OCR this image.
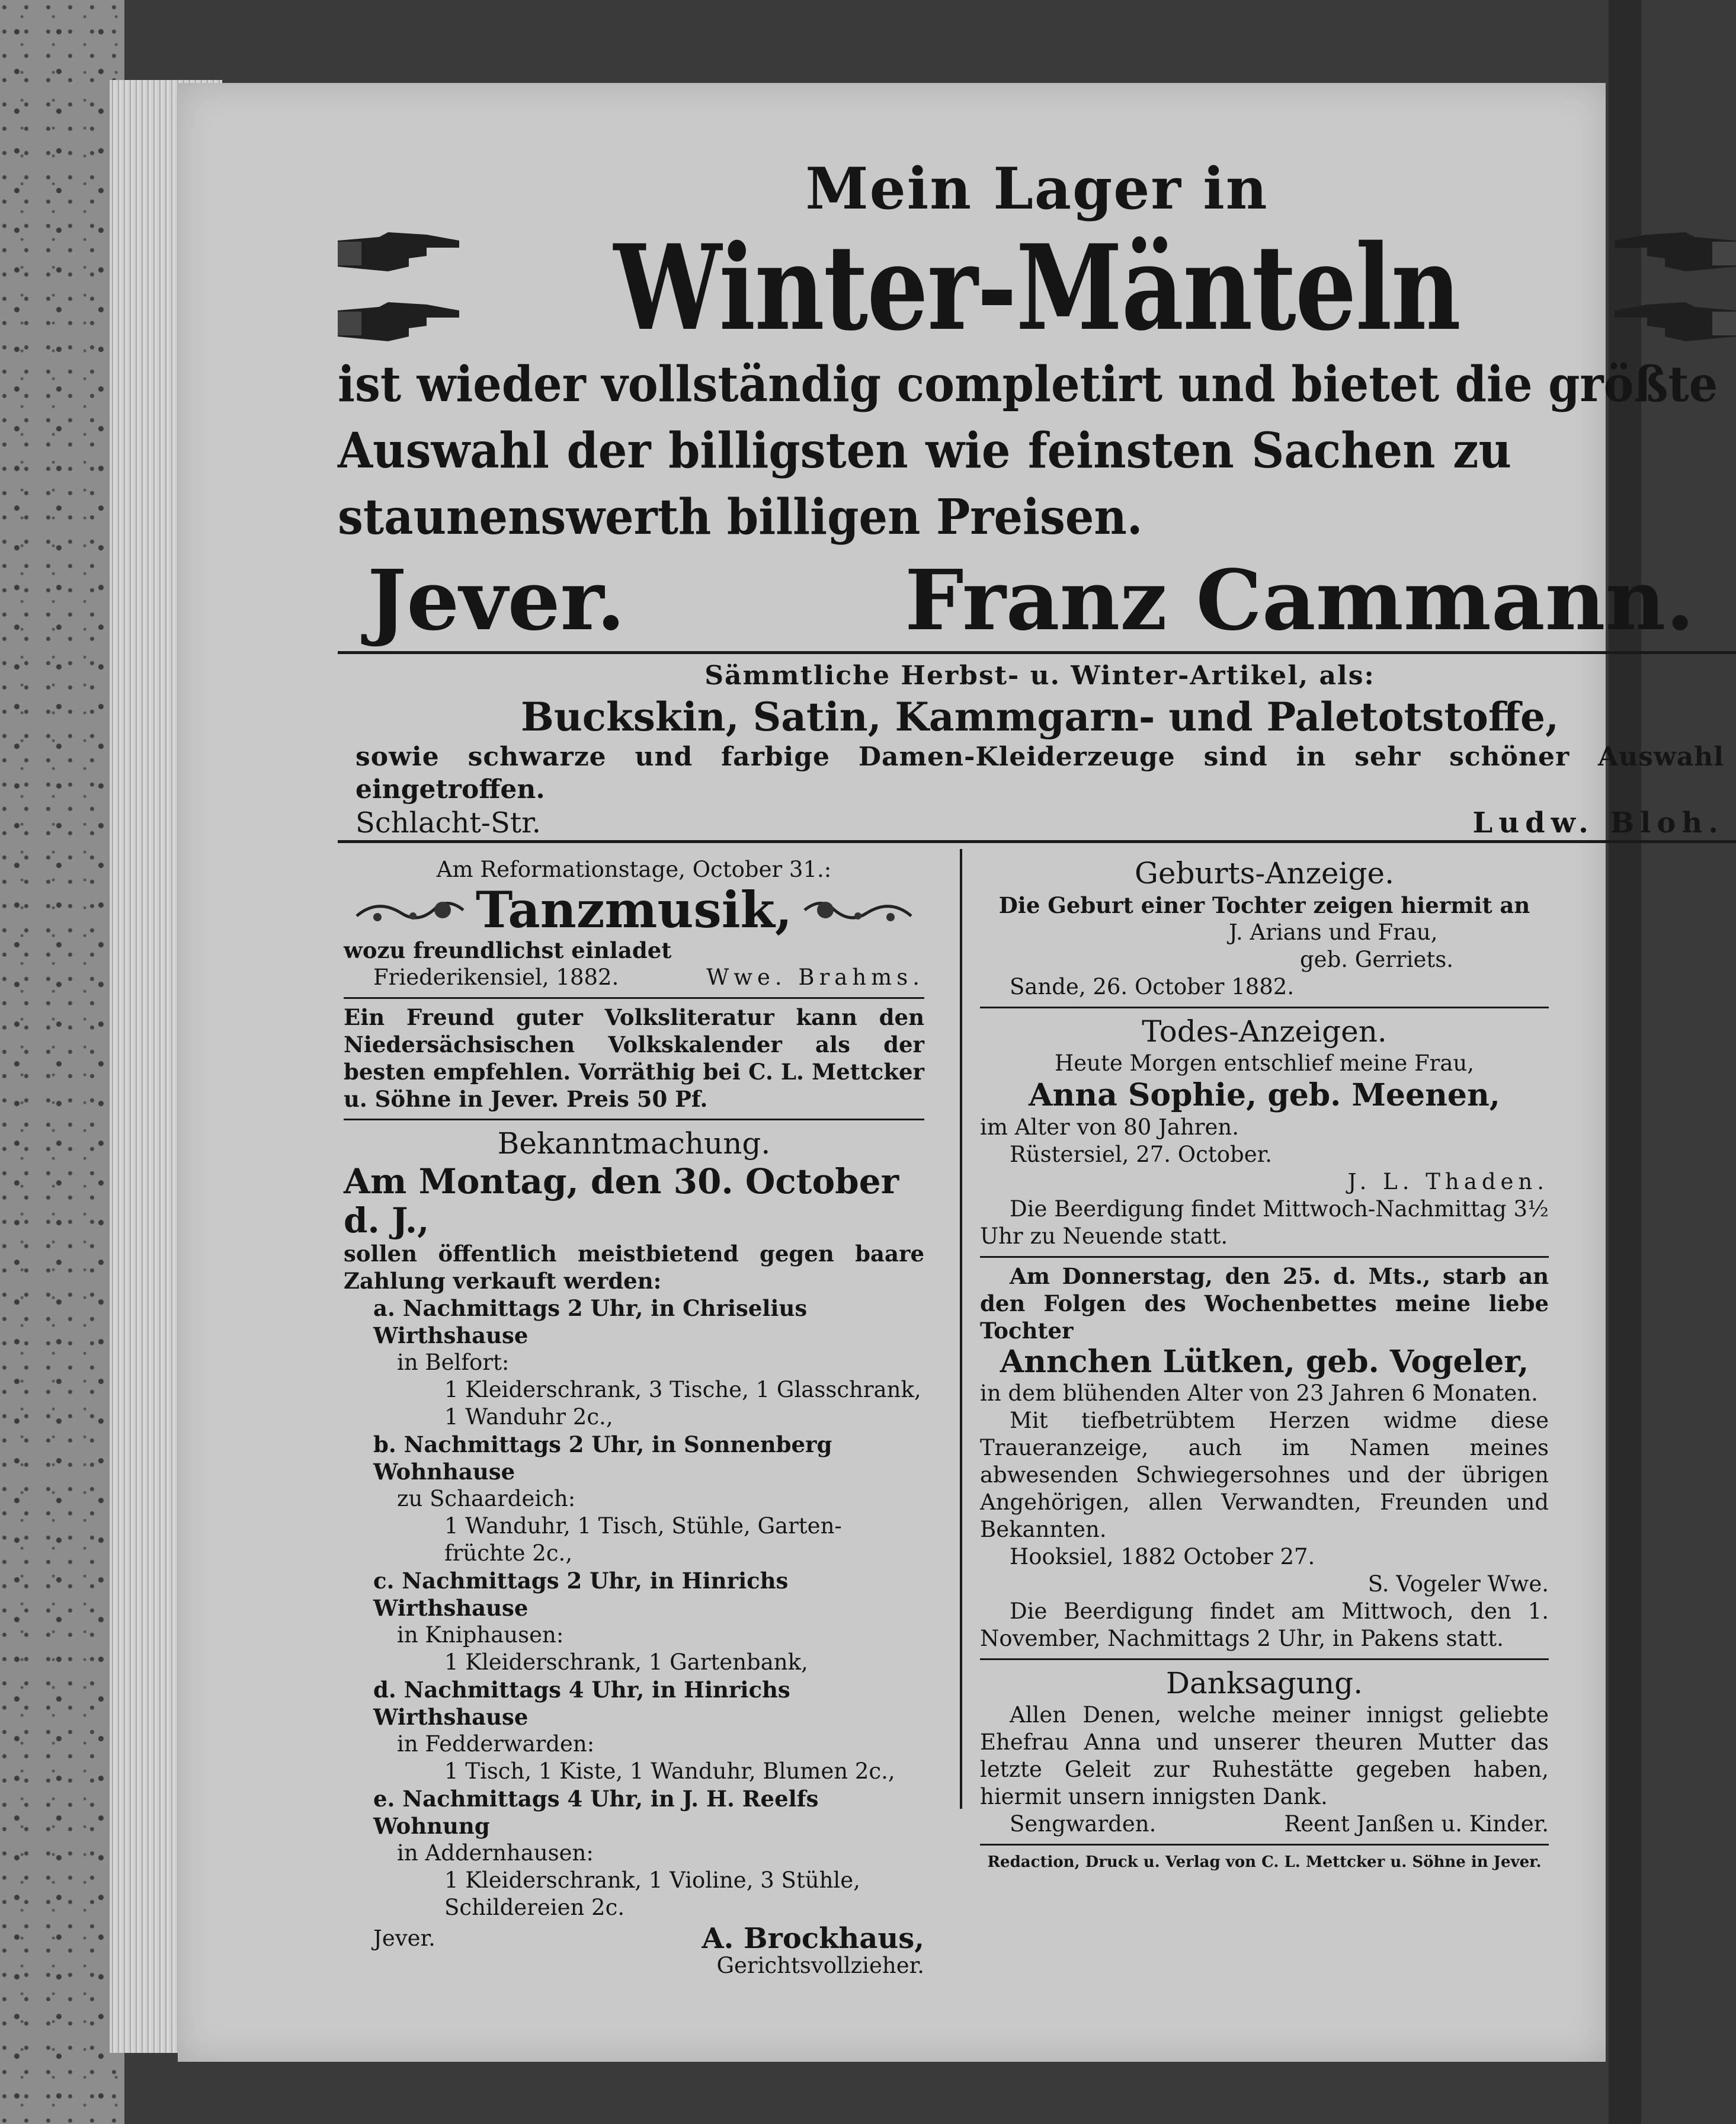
Mein Lager in
Winter-Mänteln
ist wieder vollständig completirt und bietet die größte
Auswahl der billigsten wie feinsten Sachen zu
staunenswerth billigen Preisen.
Jever.	Franz Cammann.
Sämmtliche Herbst- u. Winter-Artikel, als:
Buckskin, Satin, Kammgarn- und Paletotstoffe,
sowie schwarze und farbige Damen-Kleiderzeuge sind in sehr schöner Auswahl
eingetroffen.
Schlacht-Str.	Ludw. Bloh.
Am Reformationstage, October 31.:
Tanzmusik,
wozu freundlichst einladet
Friederikensiel, 1882.	Wwe. Brahms.
Ein Freund guter Volksliteratur kann den Niedersächsischen Volkskalender als der besten empfehlen. Vorräthig bei C. L. Mettcker u. Söhne in Jever. Preis 50 Pf.
Bekanntmachung.
Am Montag, den 30. October d. J.,
sollen öffentlich meistbietend gegen baare Zahlung verkauft werden:
a. Nachmittags 2 Uhr, in Chriselius Wirthshause
in Belfort:
1 Kleiderschrank, 3 Tische, 1 Glasschrank,
1 Wanduhr 2c.,
b. Nachmittags 2 Uhr, in Sonnenberg Wohnhause
zu Schaardeich:
1 Wanduhr, 1 Tisch, Stühle, Garten-
früchte 2c.,
c. Nachmittags 2 Uhr, in Hinrichs Wirthshause
in Kniphausen:
1 Kleiderschrank, 1 Gartenbank,
d. Nachmittags 4 Uhr, in Hinrichs Wirthshause
in Fedderwarden:
1 Tisch, 1 Kiste, 1 Wanduhr, Blumen 2c.,
e. Nachmittags 4 Uhr, in J. H. Reelfs Wohnung
in Addernhausen:
1 Kleiderschrank, 1 Violine, 3 Stühle,
Schildereien 2c.
Jever.	A. Brockhaus,
Gerichtsvollzieher.
Geburts-Anzeige.
Die Geburt einer Tochter zeigen hiermit an
J. Arians und Frau,
geb. Gerriets.
Sande, 26. October 1882.
Todes-Anzeigen.
Heute Morgen entschlief meine Frau,
Anna Sophie, geb. Meenen,
im Alter von 80 Jahren.
Rüstersiel, 27. October.
J. L. Thaden.
Die Beerdigung findet Mittwoch-Nachmittag 3½
Uhr zu Neuende statt.
Am Donnerstag, den 25. d. Mts., starb an den Folgen des Wochenbettes meine liebe Tochter
Annchen Lütken, geb. Vogeler,
in dem blühenden Alter von 23 Jahren 6 Monaten.
Mit tiefbetrübtem Herzen widme diese Traueranzeige, auch im Namen meines abwesenden Schwiegersohnes und der übrigen Angehörigen, allen Verwandten, Freunden und Bekannten.
Hooksiel, 1882 October 27.
S. Vogeler Wwe.
Die Beerdigung findet am Mittwoch, den 1. November, Nachmittags 2 Uhr, in Pakens statt.
Danksagung.
Allen Denen, welche meiner innigst geliebte Ehefrau Anna und unserer theuren Mutter das letzte Geleit zur Ruhestätte gegeben haben, hiermit unsern innigsten Dank.
Sengwarden.	Reent Janßen u. Kinder.
Redaction, Druck u. Verlag von C. L. Mettcker u. Söhne in Jever.
